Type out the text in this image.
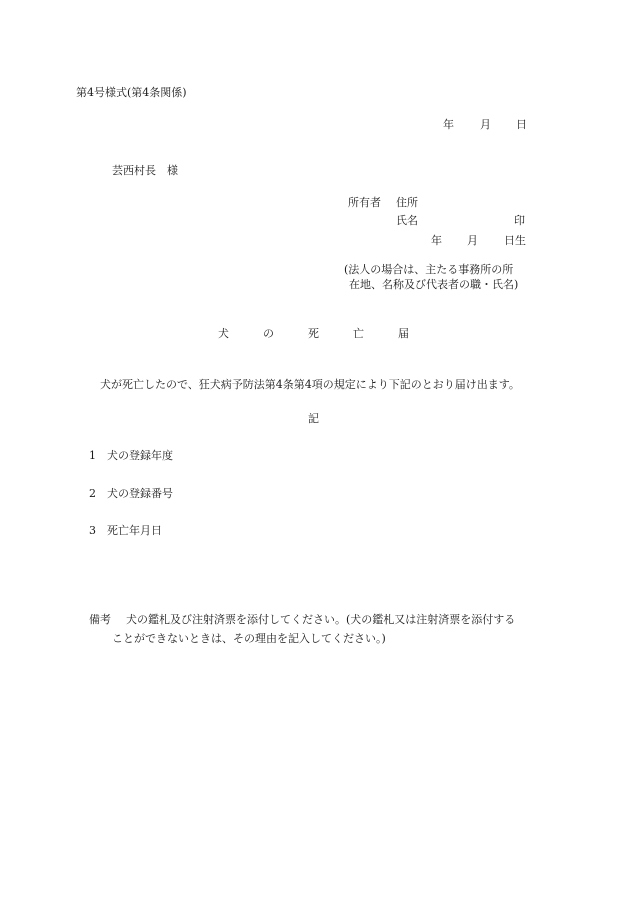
第4号様式(第4条関係)
年 月 日
芸西村長　様
所有者 住所
氏名	印
年 月 日生
(法人の場合は、主たる事務所の所
在地、名称及び代表者の職・氏名)
犬	の	死	亡	届
犬が死亡したので、狂犬病予防法第4条第4項の規定により下記のとおり届け出ます。
記
1 犬の登録年度
2 犬の登録番号
3 死亡年月日
備考 犬の鑑札及び注射済票を添付してください。(犬の鑑札又は注射済票を添付する
ことができないときは、その理由を記入してください。)
